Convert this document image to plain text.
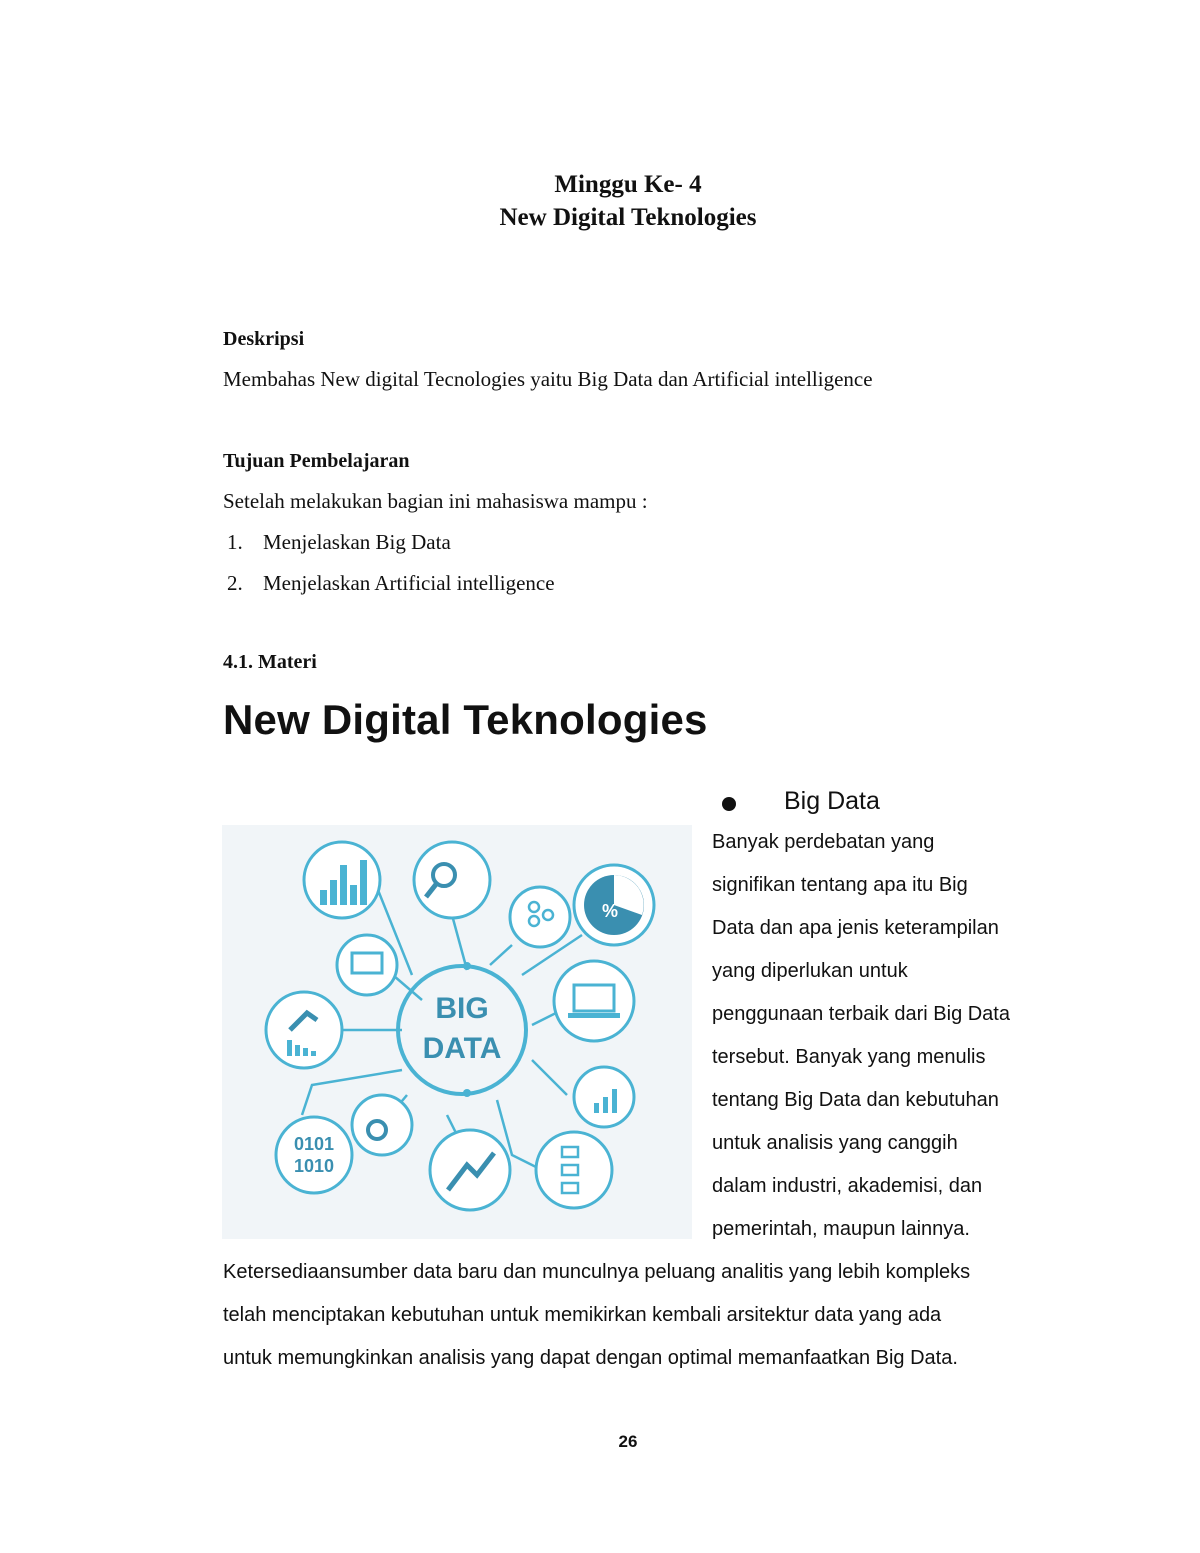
Minggu Ke- 4
New Digital Teknologies
Deskripsi
Membahas New digital Tecnologies yaitu Big Data dan Artificial intelligence
Tujuan Pembelajaran
Setelah melakukan bagian ini mahasiswa mampu :
1. Menjelaskan Big Data
2. Menjelaskan Artificial intelligence
4.1. Materi
New Digital Teknologies
Big Data
BIG
DATA
%
0101
1010
Banyak perdebatan yang
signifikan tentang apa itu Big
Data dan apa jenis keterampilan
yang diperlukan untuk
penggunaan terbaik dari Big Data
tersebut. Banyak yang menulis
tentang Big Data dan kebutuhan
untuk analisis yang canggih
dalam industri, akademisi, dan
pemerintah, maupun lainnya.
Ketersediaansumber data baru dan munculnya peluang analitis yang lebih kompleks
telah menciptakan kebutuhan untuk memikirkan kembali arsitektur data yang ada
untuk memungkinkan analisis yang dapat dengan optimal memanfaatkan Big Data.
26
